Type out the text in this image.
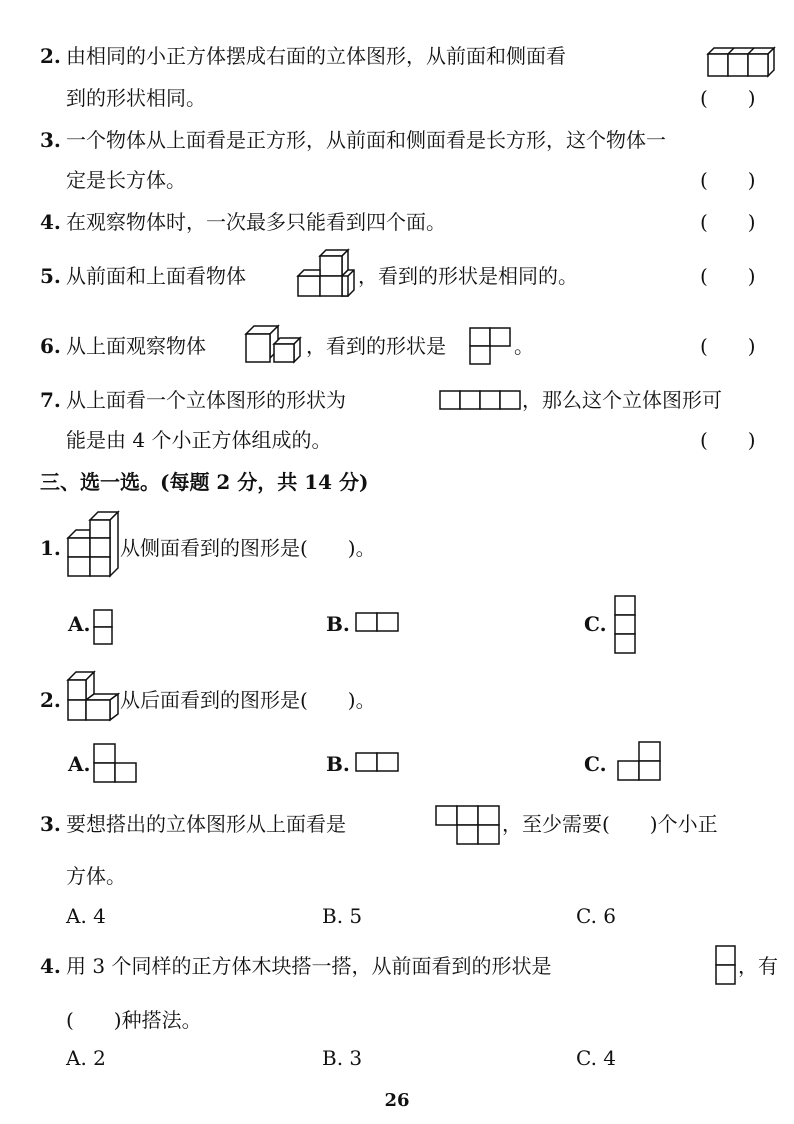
2. 由相同的小正方体摆成右面的立体图形，从前面和侧面看
到的形状相同。	(　　)
3. 一个物体从上面看是正方形，从前面和侧面看是长方形，这个物体一
定是长方体。	(　　)
4. 在观察物体时，一次最多只能看到四个面。	(　　)
5. 从前面和上面看物体	，看到的形状是相同的。	(　　)
6. 从上面观察物体	，看到的形状是	。	(　　)
7. 从上面看一个立体图形的形状为	，那么这个立体图形可
能是由 4 个小正方体组成的。	(　　)
三、选一选。(每题 2 分，共 14 分)
1.	从侧面看到的图形是(　　)。
A.	B.	C.
2.	从后面看到的图形是(　　)。
A.	B.	C.
3. 要想搭出的立体图形从上面看是	，至少需要(　　)个小正
方体。
A. 4	B. 5	C. 6
4. 用 3 个同样的正方体木块搭一搭，从前面看到的形状是	，有
(　　)种搭法。
A. 2	B. 3	C. 4
26
